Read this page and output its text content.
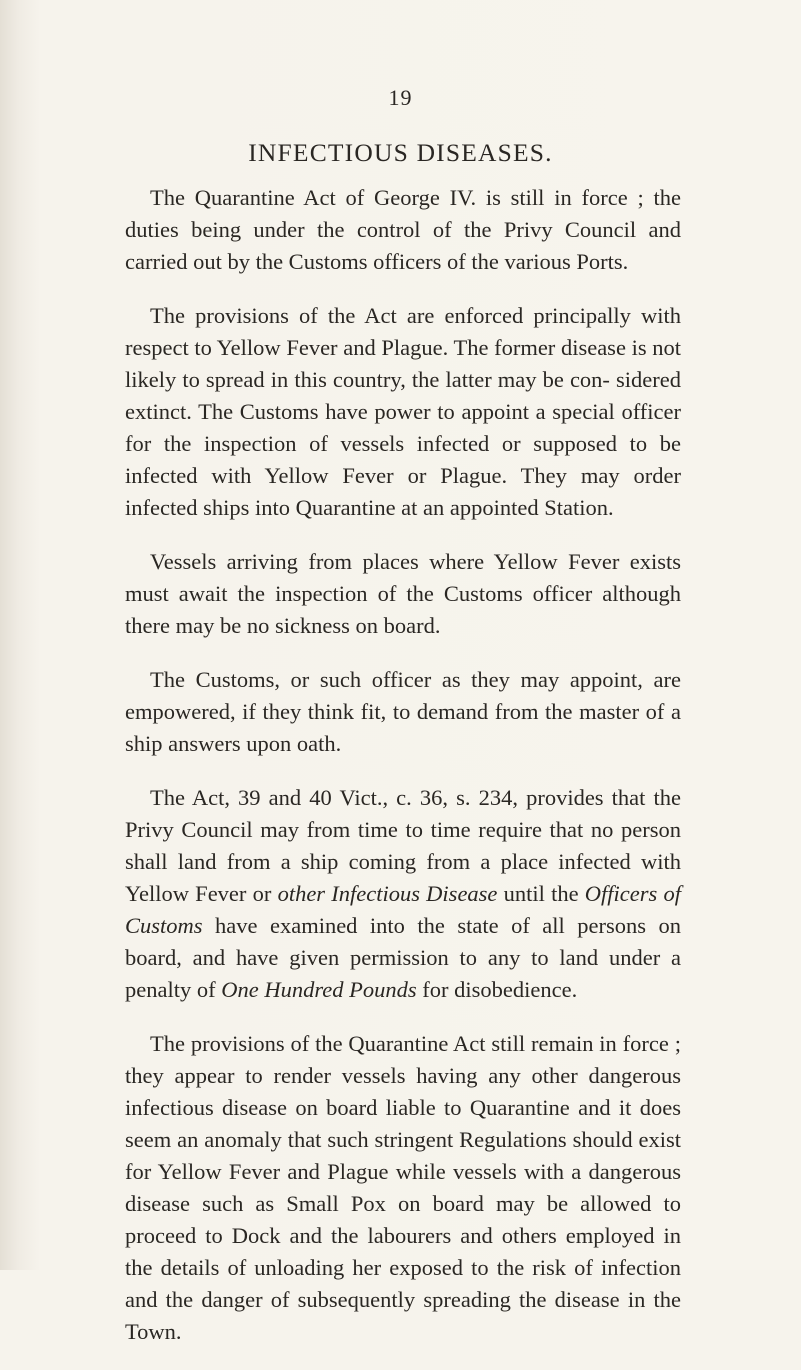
19
INFECTIOUS DISEASES.

The Quarantine Act of George IV. is still in force ; the duties being under the control of the Privy Council and carried out by the Customs officers of the various Ports.

The provisions of the Act are enforced principally with respect to Yellow Fever and Plague. The former disease is not likely to spread in this country, the latter may be con- sidered extinct. The Customs have power to appoint a special officer for the inspection of vessels infected or supposed to be infected with Yellow Fever or Plague. They may order infected ships into Quarantine at an appointed Station.

Vessels arriving from places where Yellow Fever exists must await the inspection of the Customs officer although there may be no sickness on board.

The Customs, or such officer as they may appoint, are empowered, if they think fit, to demand from the master of a ship answers upon oath.

The Act, 39 and 40 Vict., c. 36, s. 234, provides that the Privy Council may from time to time require that no person shall land from a ship coming from a place infected with Yellow Fever or other Infectious Disease until the Officers of Customs have examined into the state of all persons on board, and have given permission to any to land under a penalty of One Hundred Pounds for disobedience.

The provisions of the Quarantine Act still remain in force ; they appear to render vessels having any other dangerous infectious disease on board liable to Quarantine and it does seem an anomaly that such stringent Regulations should exist for Yellow Fever and Plague while vessels with a dangerous disease such as Small Pox on board may be allowed to proceed to Dock and the labourers and others employed in the details of unloading her exposed to the risk of infection and the danger of subsequently spreading the disease in the Town.
